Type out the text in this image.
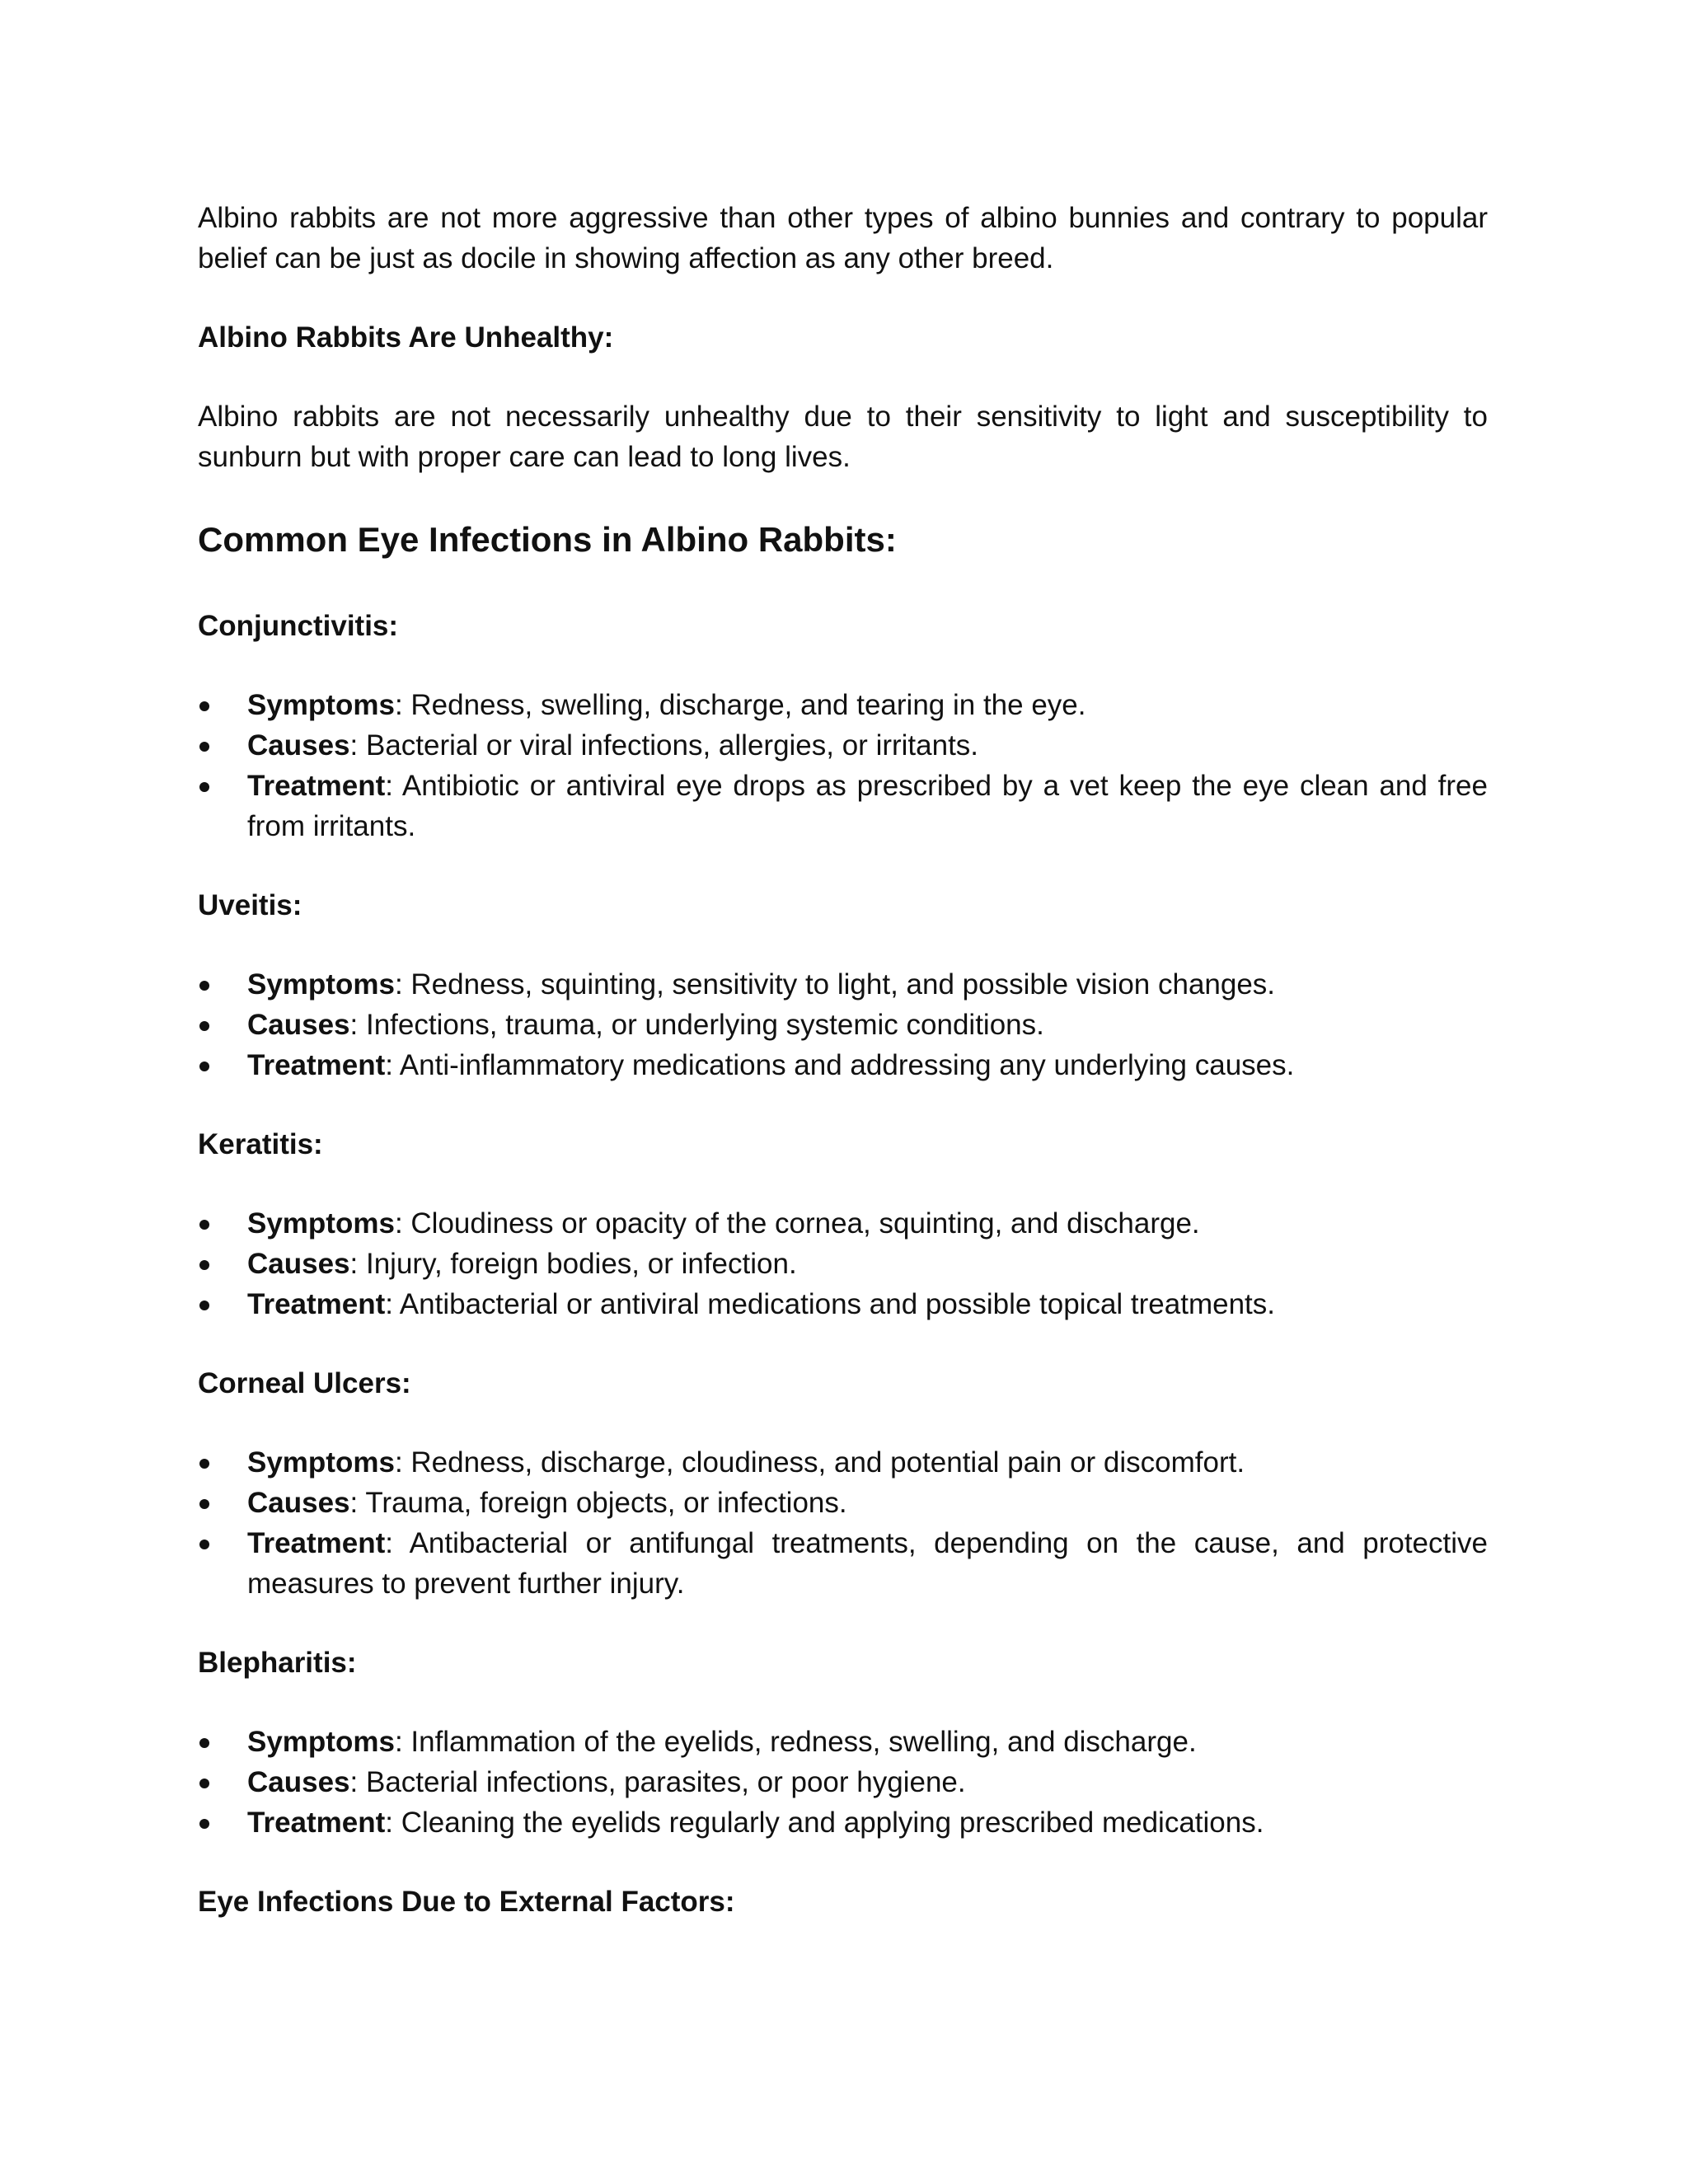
Albino rabbits are not more aggressive than other types of albino bunnies and contrary to popular belief can be just as docile in showing affection as any other breed.

Albino Rabbits Are Unhealthy:

Albino rabbits are not necessarily unhealthy due to their sensitivity to light and susceptibility to sunburn but with proper care can lead to long lives.

Common Eye Infections in Albino Rabbits:

Conjunctivitis:

Symptoms: Redness, swelling, discharge, and tearing in the eye.
Causes: Bacterial or viral infections, allergies, or irritants.
Treatment: Antibiotic or antiviral eye drops as prescribed by a vet keep the eye clean and free from irritants.

Uveitis:

Symptoms: Redness, squinting, sensitivity to light, and possible vision changes.
Causes: Infections, trauma, or underlying systemic conditions.
Treatment: Anti-inflammatory medications and addressing any underlying causes.

Keratitis:

Symptoms: Cloudiness or opacity of the cornea, squinting, and discharge.
Causes: Injury, foreign bodies, or infection.
Treatment: Antibacterial or antiviral medications and possible topical treatments.

Corneal Ulcers:

Symptoms: Redness, discharge, cloudiness, and potential pain or discomfort.
Causes: Trauma, foreign objects, or infections.
Treatment: Antibacterial or antifungal treatments, depending on the cause, and protective measures to prevent further injury.

Blepharitis:

Symptoms: Inflammation of the eyelids, redness, swelling, and discharge.
Causes: Bacterial infections, parasites, or poor hygiene.
Treatment: Cleaning the eyelids regularly and applying prescribed medications.

Eye Infections Due to External Factors:
